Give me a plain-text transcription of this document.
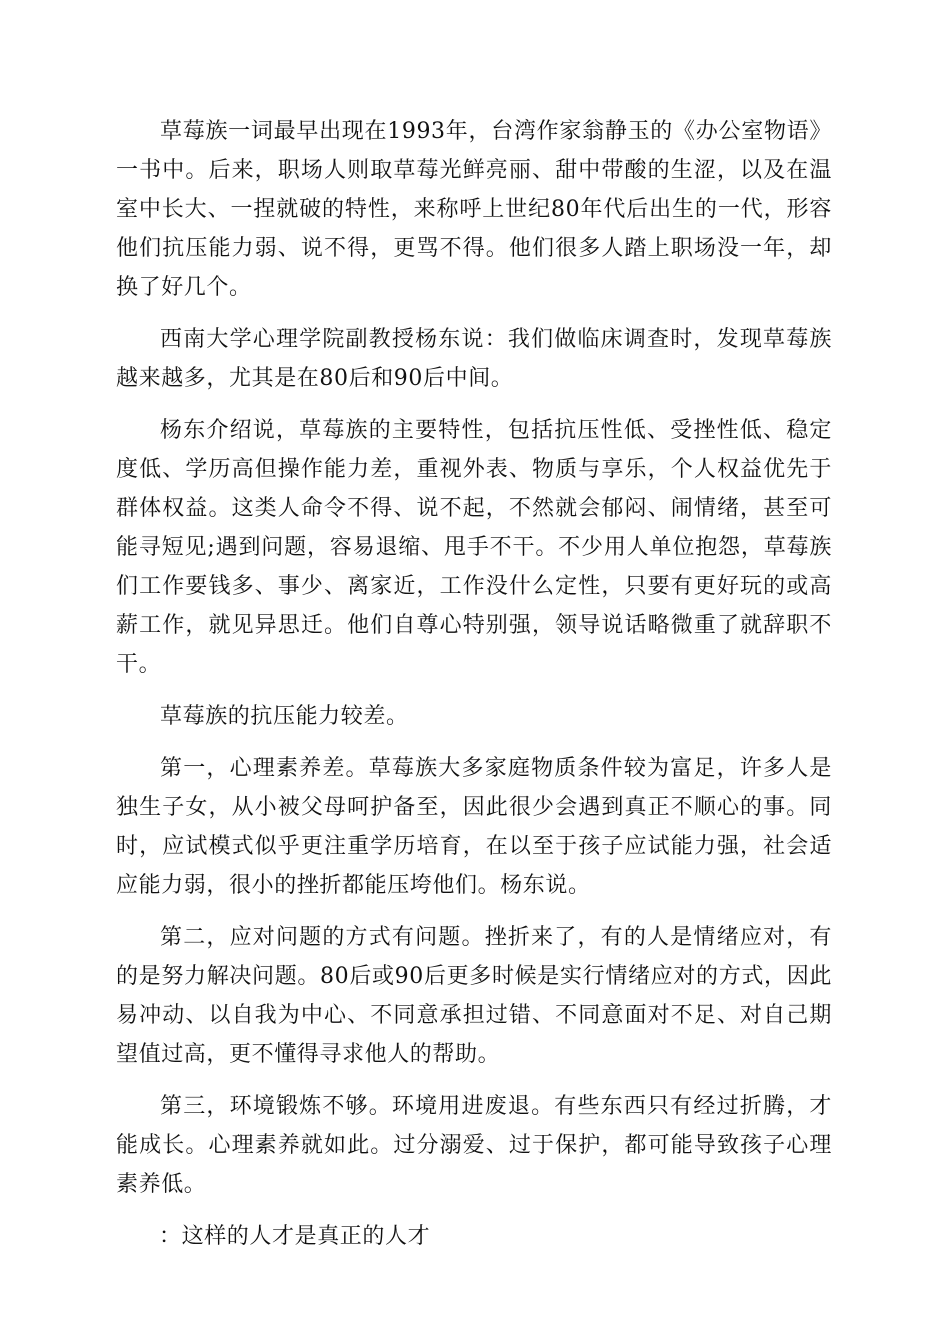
草莓族一词最早出现在1993年，台湾作家翁静玉的《办公室物语》一书中。后来，职场人则取草莓光鲜亮丽、甜中带酸的生涩，以及在温室中长大、一捏就破的特性，来称呼上世纪80年代后出生的一代，形容他们抗压能力弱、说不得，更骂不得。他们很多人踏上职场没一年，却换了好几个。

西南大学心理学院副教授杨东说：我们做临床调查时，发现草莓族越来越多，尤其是在80后和90后中间。

杨东介绍说，草莓族的主要特性，包括抗压性低、受挫性低、稳定度低、学历高但操作能力差，重视外表、物质与享乐，个人权益优先于群体权益。这类人命令不得、说不起，不然就会郁闷、闹情绪，甚至可能寻短见;遇到问题，容易退缩、甩手不干。不少用人单位抱怨，草莓族们工作要钱多、事少、离家近，工作没什么定性，只要有更好玩的或高薪工作，就见异思迁。他们自尊心特别强，领导说话略微重了就辞职不干。

草莓族的抗压能力较差。

第一，心理素养差。草莓族大多家庭物质条件较为富足，许多人是独生子女，从小被父母呵护备至，因此很少会遇到真正不顺心的事。同时，应试模式似乎更注重学历培育，在以至于孩子应试能力强，社会适应能力弱，很小的挫折都能压垮他们。杨东说。

第二，应对问题的方式有问题。挫折来了，有的人是情绪应对，有的是努力解决问题。80后或90后更多时候是实行情绪应对的方式，因此易冲动、以自我为中心、不同意承担过错、不同意面对不足、对自己期望值过高，更不懂得寻求他人的帮助。

第三，环境锻炼不够。环境用进废退。有些东西只有经过折腾，才能成长。心理素养就如此。过分溺爱、过于保护，都可能导致孩子心理素养低。

：这样的人才是真正的人才
